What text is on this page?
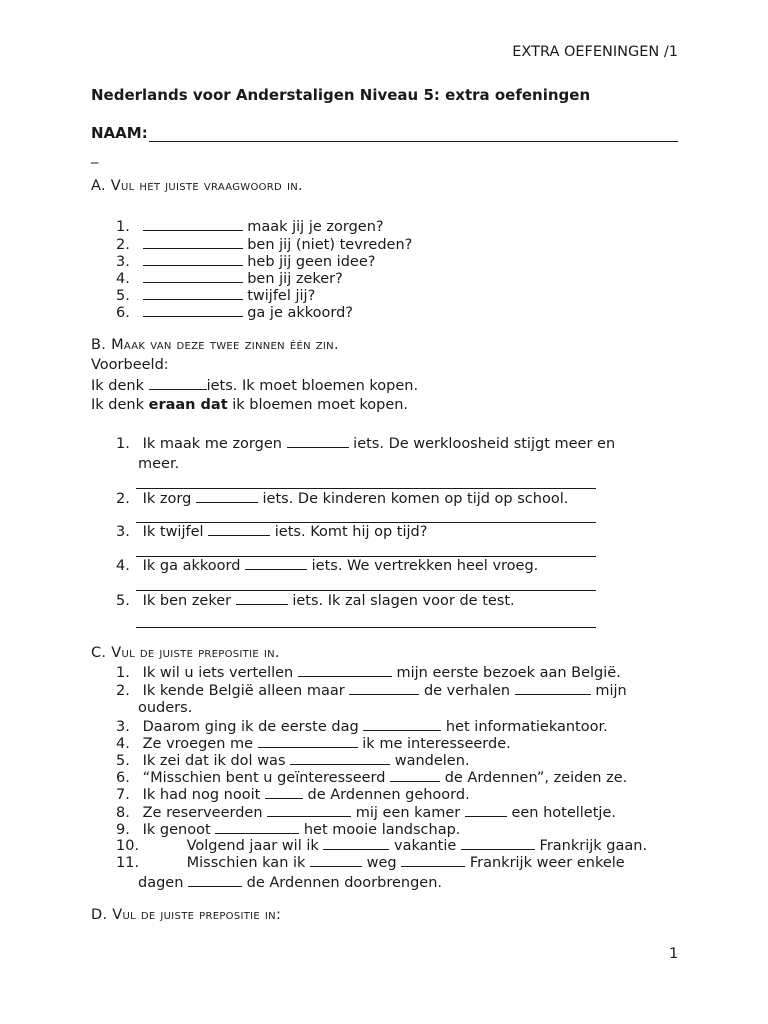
EXTRA OEFENINGEN /1
Nederlands voor Anderstaligen Niveau 5: extra oefeningen
NAAM:
_
A. Vul het juiste vraagwoord in.
1.	maak jij je zorgen?
2.	ben jij (niet) tevreden?
3.	heb jij geen idee?
4.	ben jij zeker?
5.	twijfel jij?
6.	ga je akkoord?
B. Maak van deze twee zinnen één zin.
Voorbeeld:
Ik denk	iets. Ik moet bloemen kopen.
Ik denk eraan dat ik bloemen moet kopen.
1. Ik maak me zorgen	iets. De werkloosheid stijgt meer en
meer.
2. Ik zorg	iets. De kinderen komen op tijd op school.
3. Ik twijfel	iets. Komt hij op tijd?
4. Ik ga akkoord	iets. We vertrekken heel vroeg.
5. Ik ben zeker	iets. Ik zal slagen voor de test.
C. Vul de juiste prepositie in.
1. Ik wil u iets vertellen	mijn eerste bezoek aan België.
2. Ik kende België alleen maar	de verhalen	mijn
ouders.
3. Daarom ging ik de eerste dag	het informatiekantoor.
4. Ze vroegen me	ik me interesseerde.
5. Ik zei dat ik dol was	wandelen.
6. “Misschien bent u geïnteresseerd	de Ardennen”, zeiden ze.
7. Ik had nog nooit	de Ardennen gehoord.
8. Ze reserveerden	mij een kamer	een hotelletje.
9. Ik genoot	het mooie landschap.
10.	Volgend jaar wil ik	vakantie	Frankrijk gaan.
11.	Misschien kan ik	weg	Frankrijk weer enkele
dagen	de Ardennen doorbrengen.
D. Vul de juiste prepositie in:
1
